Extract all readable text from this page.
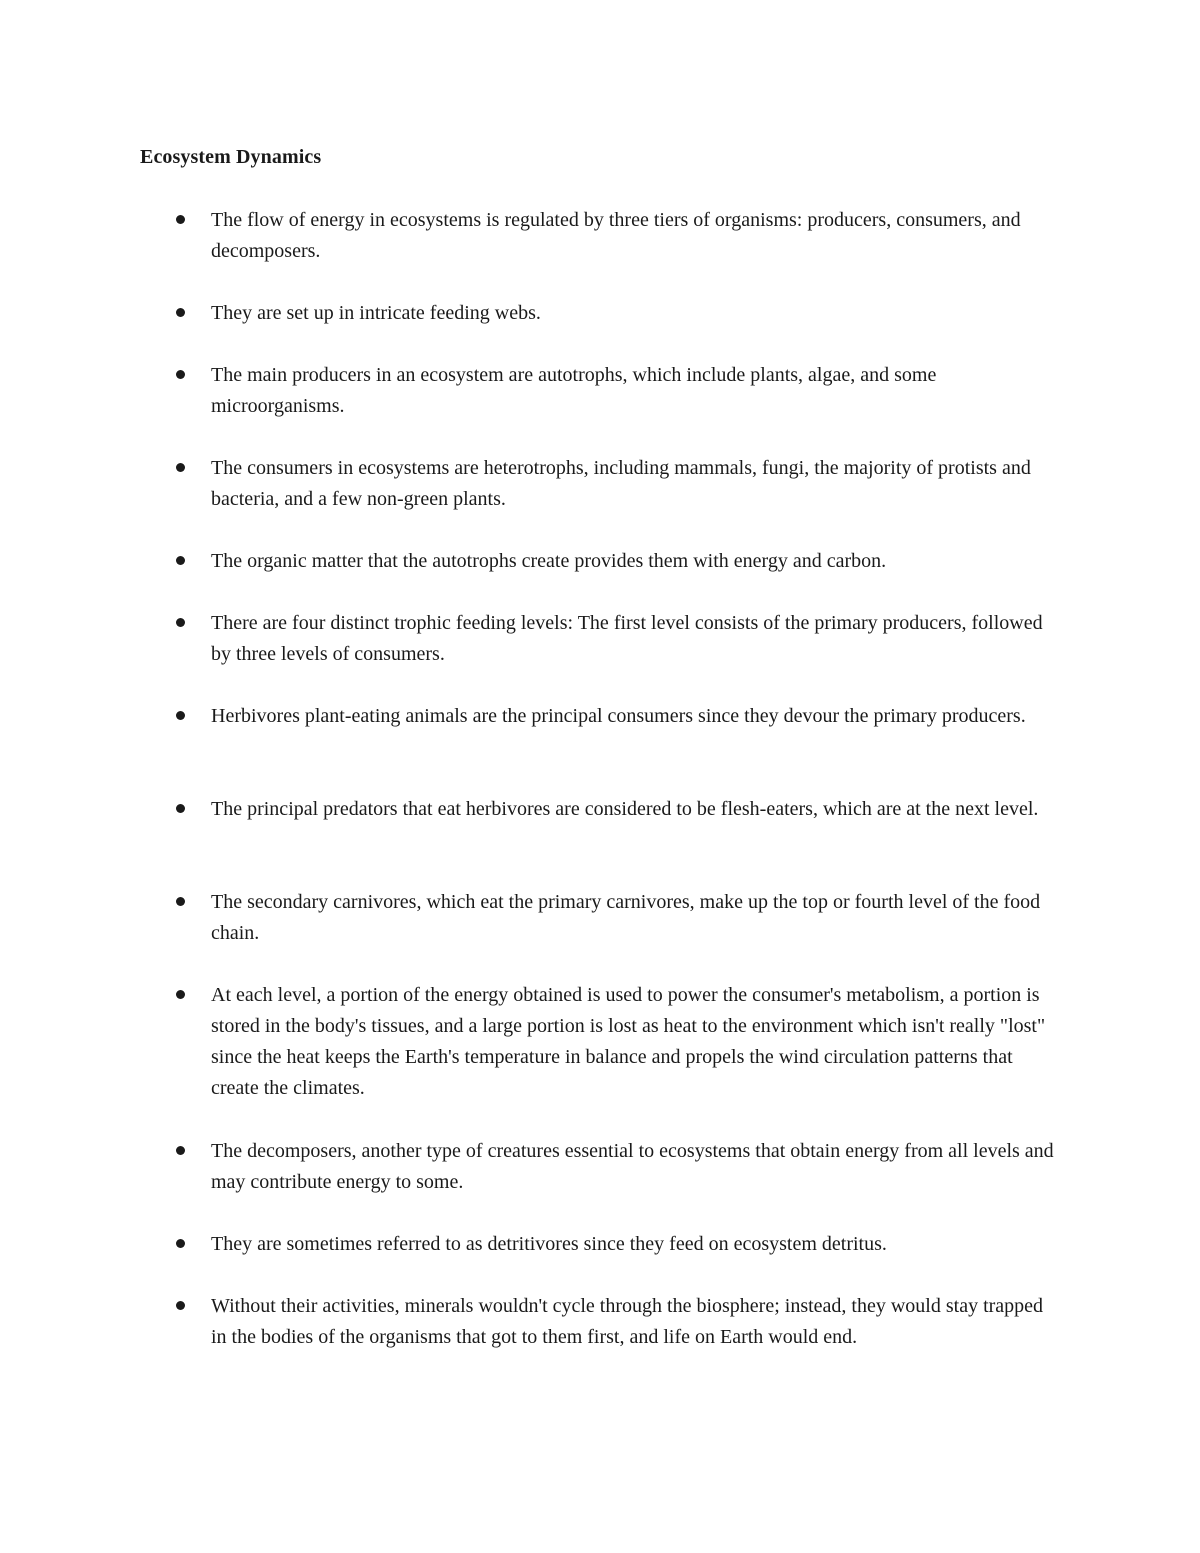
Ecosystem Dynamics

The flow of energy in ecosystems is regulated by three tiers of organisms: producers, consumers, and decomposers.

They are set up in intricate feeding webs.

The main producers in an ecosystem are autotrophs, which include plants, algae, and some microorganisms.

The consumers in ecosystems are heterotrophs, including mammals, fungi, the majority of protists and bacteria, and a few non-green plants.

The organic matter that the autotrophs create provides them with energy and carbon.

There are four distinct trophic feeding levels: The first level consists of the primary producers, followed by three levels of consumers.

Herbivores plant-eating animals are the principal consumers since they devour the primary producers.

The principal predators that eat herbivores are considered to be flesh-eaters, which are at the next level.

The secondary carnivores, which eat the primary carnivores, make up the top or fourth level of the food chain.

At each level, a portion of the energy obtained is used to power the consumer's metabolism, a portion is stored in the body's tissues, and a large portion is lost as heat to the environment which isn't really "lost" since the heat keeps the Earth's temperature in balance and propels the wind circulation patterns that create the climates.

The decomposers, another type of creatures essential to ecosystems that obtain energy from all levels and may contribute energy to some.

They are sometimes referred to as detritivores since they feed on ecosystem detritus.

Without their activities, minerals wouldn't cycle through the biosphere; instead, they would stay trapped in the bodies of the organisms that got to them first, and life on Earth would end.
